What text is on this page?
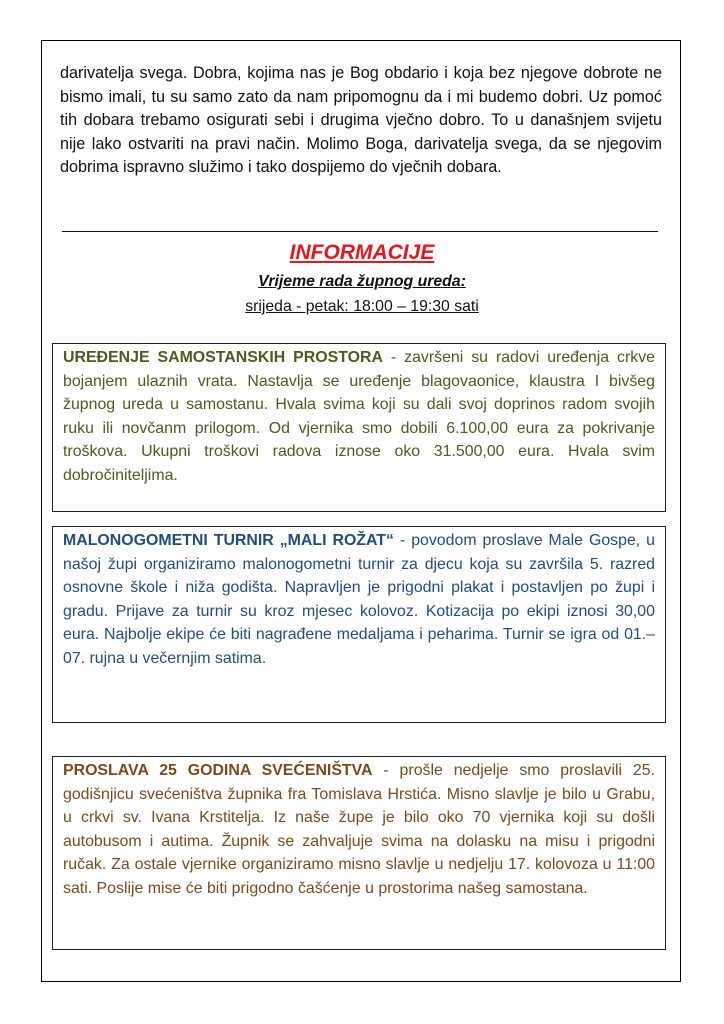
darivatelja svega. Dobra, kojima nas je Bog obdario i koja bez njegove dobrote ne bismo imali, tu su samo zato da nam pripomognu da i mi budemo dobri. Uz pomoć tih dobara trebamo osigurati sebi i drugima vječno dobro. To u današnjem svijetu nije lako ostvariti na pravi način. Molimo Boga, darivatelja svega, da se njegovim dobrima ispravno služimo i tako dospijemo do vječnih dobara.

INFORMACIJE
Vrijeme rada župnog ureda:
srijeda - petak: 18:00 – 19:30 sati

UREĐENJE SAMOSTANSKIH PROSTORA - završeni su radovi uređenja crkve bojanjem ulaznih vrata. Nastavlja se uređenje blagovaonice, klaustra I bivšeg župnog ureda u samostanu. Hvala svima koji su dali svoj doprinos radom svojih ruku ili novčanm prilogom. Od vjernika smo dobili 6.100,00 eura za pokrivanje troškova. Ukupni troškovi radova iznose oko 31.500,00 eura. Hvala svim dobročiniteljima.

MALONOGOMETNI TURNIR „MALI ROŽAT“ - povodom proslave Male Gospe, u našoj župi organiziramo malonogometni turnir za djecu koja su završila 5. razred osnovne škole i niža godišta. Napravljen je prigodni plakat i postavljen po župi i gradu. Prijave za turnir su kroz mjesec kolovoz. Kotizacija po ekipi iznosi 30,00 eura. Najbolje ekipe će biti nagrađene medaljama i peharima. Turnir se igra od 01.–07. rujna u večernjim satima.

PROSLAVA 25 GODINA SVEĆENIŠTVA - prošle nedjelje smo proslavili 25. godišnjicu svećeništva župnika fra Tomislava Hrstića. Misno slavlje je bilo u Grabu, u crkvi sv. Ivana Krstitelja. Iz naše župe je bilo oko 70 vjernika koji su došli autobusom i autima. Župnik se zahvaljuje svima na dolasku na misu i prigodni ručak. Za ostale vjernike organiziramo misno slavlje u nedjelju 17. kolovoza u 11:00 sati. Poslije mise će biti prigodno čašćenje u prostorima našeg samostana.
